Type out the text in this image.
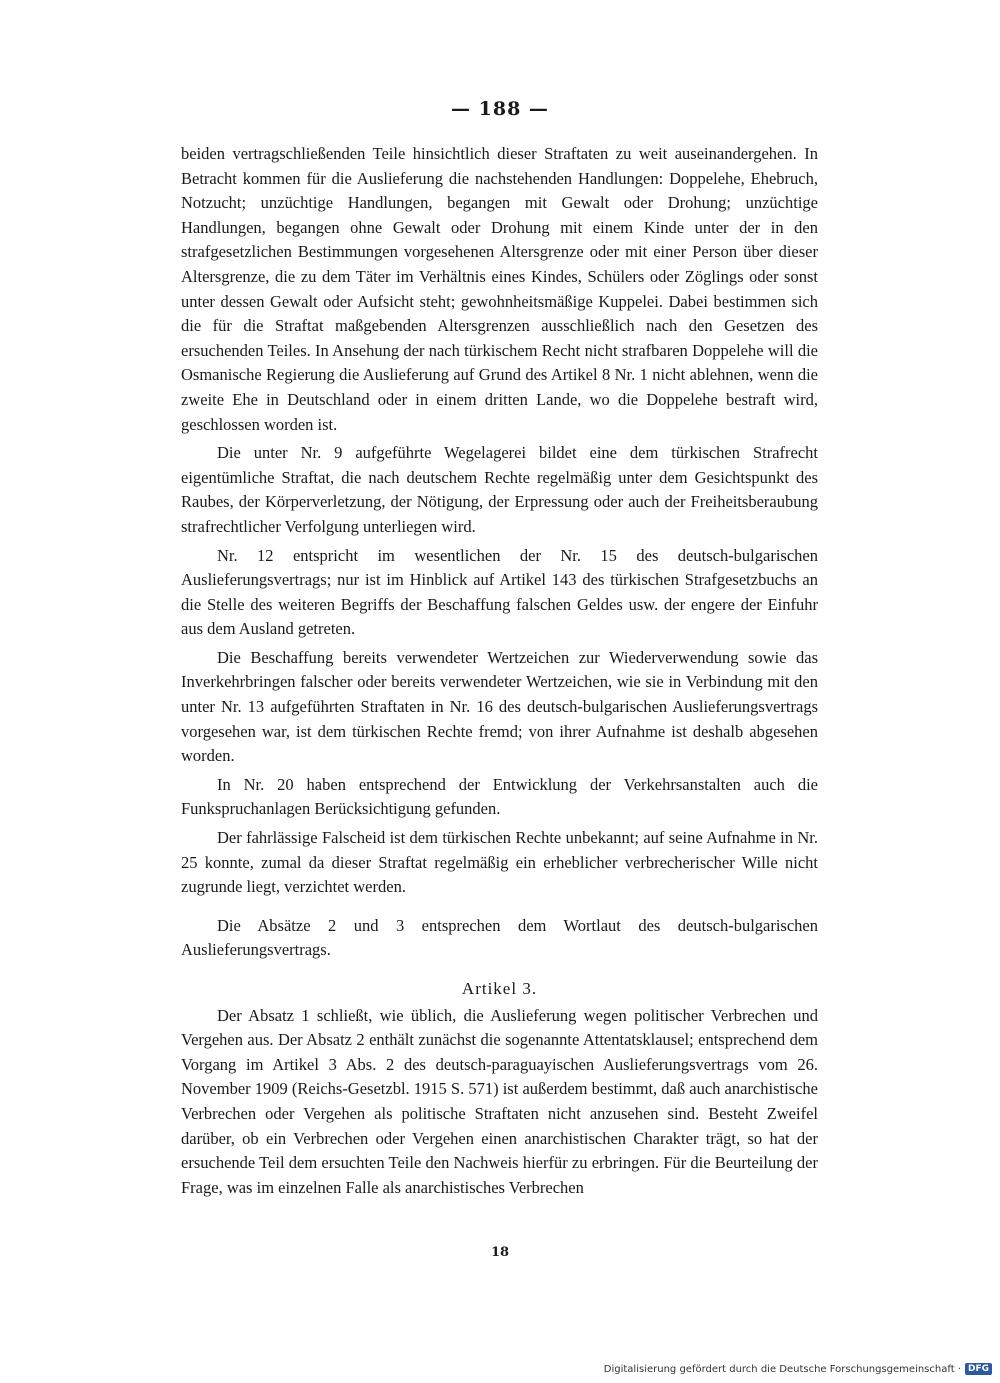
— 188 —

beiden vertragschließenden Teile hinsichtlich dieser Straftaten zu weit auseinandergehen. In Betracht kommen für die Auslieferung die nachstehenden Handlungen: Doppelehe, Ehebruch, Notzucht; unzüchtige Handlungen, begangen mit Gewalt oder Drohung; unzüchtige Handlungen, begangen ohne Gewalt oder Drohung mit einem Kinde unter der in den strafgesetzlichen Bestimmungen vorgesehenen Altersgrenze oder mit einer Person über dieser Altersgrenze, die zu dem Täter im Verhältnis eines Kindes, Schülers oder Zöglings oder sonst unter dessen Gewalt oder Aufsicht steht; gewohnheitsmäßige Kuppelei. Dabei bestimmen sich die für die Straftat maßgebenden Altersgrenzen ausschließlich nach den Gesetzen des ersuchenden Teiles. In Ansehung der nach türkischem Recht nicht strafbaren Doppelehe will die Osmanische Regierung die Auslieferung auf Grund des Artikel 8 Nr. 1 nicht ablehnen, wenn die zweite Ehe in Deutschland oder in einem dritten Lande, wo die Doppelehe bestraft wird, geschlossen worden ist.

Die unter Nr. 9 aufgeführte Wegelagerei bildet eine dem türkischen Strafrecht eigentümliche Straftat, die nach deutschem Rechte regelmäßig unter dem Gesichtspunkt des Raubes, der Körperverletzung, der Nötigung, der Erpressung oder auch der Freiheitsberaubung strafrechtlicher Verfolgung unterliegen wird.

Nr. 12 entspricht im wesentlichen der Nr. 15 des deutsch-bulgarischen Auslieferungsvertrags; nur ist im Hinblick auf Artikel 143 des türkischen Strafgesetzbuchs an die Stelle des weiteren Begriffs der Beschaffung falschen Geldes usw. der engere der Einfuhr aus dem Ausland getreten.

Die Beschaffung bereits verwendeter Wertzeichen zur Wiederverwendung sowie das Inverkehrbringen falscher oder bereits verwendeter Wertzeichen, wie sie in Verbindung mit den unter Nr. 13 aufgeführten Straftaten in Nr. 16 des deutsch-bulgarischen Auslieferungsvertrags vorgesehen war, ist dem türkischen Rechte fremd; von ihrer Aufnahme ist deshalb abgesehen worden.

In Nr. 20 haben entsprechend der Entwicklung der Verkehrsanstalten auch die Funkspruchanlagen Berücksichtigung gefunden.

Der fahrlässige Falscheid ist dem türkischen Rechte unbekannt; auf seine Aufnahme in Nr. 25 konnte, zumal da dieser Straftat regelmäßig ein erheblicher verbrecherischer Wille nicht zugrunde liegt, verzichtet werden.

Die Absätze 2 und 3 entsprechen dem Wortlaut des deutsch-bulgarischen Auslieferungsvertrags.

Artikel 3.

Der Absatz 1 schließt, wie üblich, die Auslieferung wegen politischer Verbrechen und Vergehen aus. Der Absatz 2 enthält zunächst die sogenannte Attentatsklausel; entsprechend dem Vorgang im Artikel 3 Abs. 2 des deutsch-paraguayischen Auslieferungsvertrags vom 26. November 1909 (Reichs-Gesetzbl. 1915 S. 571) ist außerdem bestimmt, daß auch anarchistische Verbrechen oder Vergehen als politische Straftaten nicht anzusehen sind. Besteht Zweifel darüber, ob ein Verbrechen oder Vergehen einen anarchistischen Charakter trägt, so hat der ersuchende Teil dem ersuchten Teile den Nachweis hierfür zu erbringen. Für die Beurteilung der Frage, was im einzelnen Falle als anarchistisches Verbrechen

18
Digitalisierung gefördert durch die Deutsche Forschungsgemeinschaft · DFG
